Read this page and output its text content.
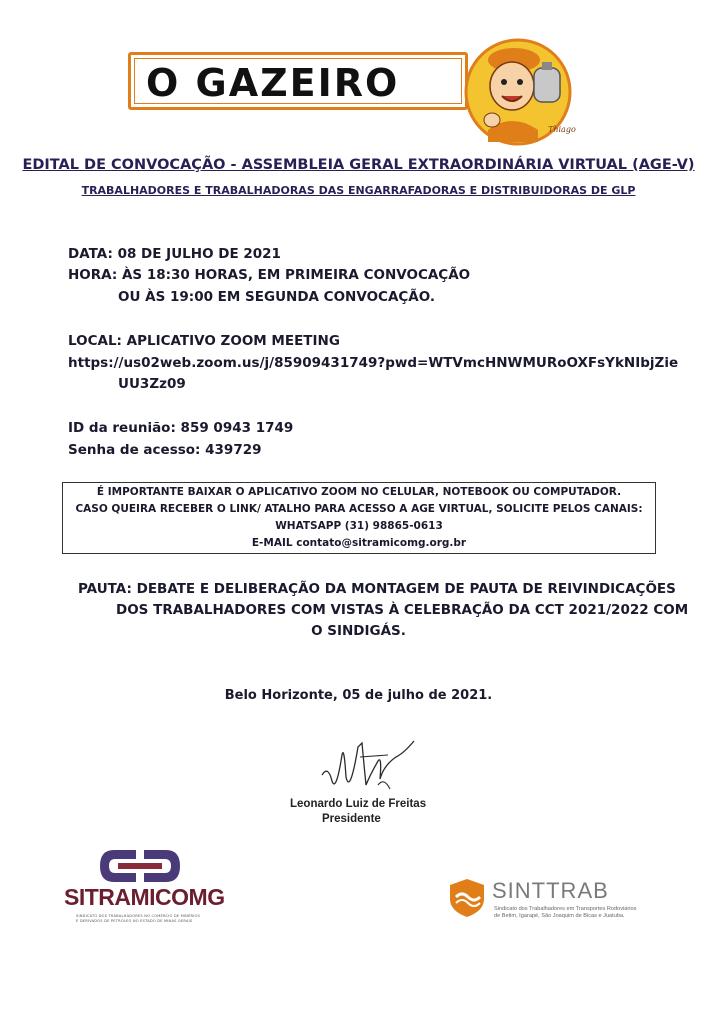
O GAZEIRO
Thiago
EDITAL DE CONVOCAÇÃO - ASSEMBLEIA GERAL EXTRAORDINÁRIA VIRTUAL (AGE-V)
TRABALHADORES E TRABALHADORAS DAS ENGARRAFADORAS E DISTRIBUIDORAS DE GLP
DATA: 08 DE JULHO DE 2021
HORA: ÀS 18:30 HORAS, EM PRIMEIRA CONVOCAÇÃO
OU ÀS 19:00 EM SEGUNDA CONVOCAÇÃO.
LOCAL: APLICATIVO ZOOM MEETING
https://us02web.zoom.us/j/85909431749?pwd=WTVmcHNWMURoOXFsYkNIbjZie
UU3Zz09
ID da reunião: 859 0943 1749
Senha de acesso: 439729
É IMPORTANTE BAIXAR O APLICATIVO ZOOM NO CELULAR, NOTEBOOK OU COMPUTADOR.
CASO QUEIRA RECEBER O LINK/ ATALHO PARA ACESSO A AGE VIRTUAL, SOLICITE PELOS CANAIS:
WHATSAPP (31) 98865-0613
E-MAIL contato@sitramicomg.org.br
PAUTA: DEBATE E DELIBERAÇÃO DA MONTAGEM DE PAUTA DE REIVINDICAÇÕES
DOS TRABALHADORES COM VISTAS À CELEBRAÇÃO DA CCT 2021/2022 COM
O SINDIGÁS.
Belo Horizonte, 05 de julho de 2021.
Leonardo Luiz de Freitas
Presidente
SITRAMICOMG
SINDICATO DOS TRABALHADORES NO COMÉRCIO DE MINÉRIOS
E DERIVADOS DE PETRÓLEO NO ESTADO DE MINAS GERAIS
SINTTRAB
Sindicato dos Trabalhadores em Transportes Rodoviários
de Betim, Igarapé, São Joaquim de Bicas e Juatuba.
